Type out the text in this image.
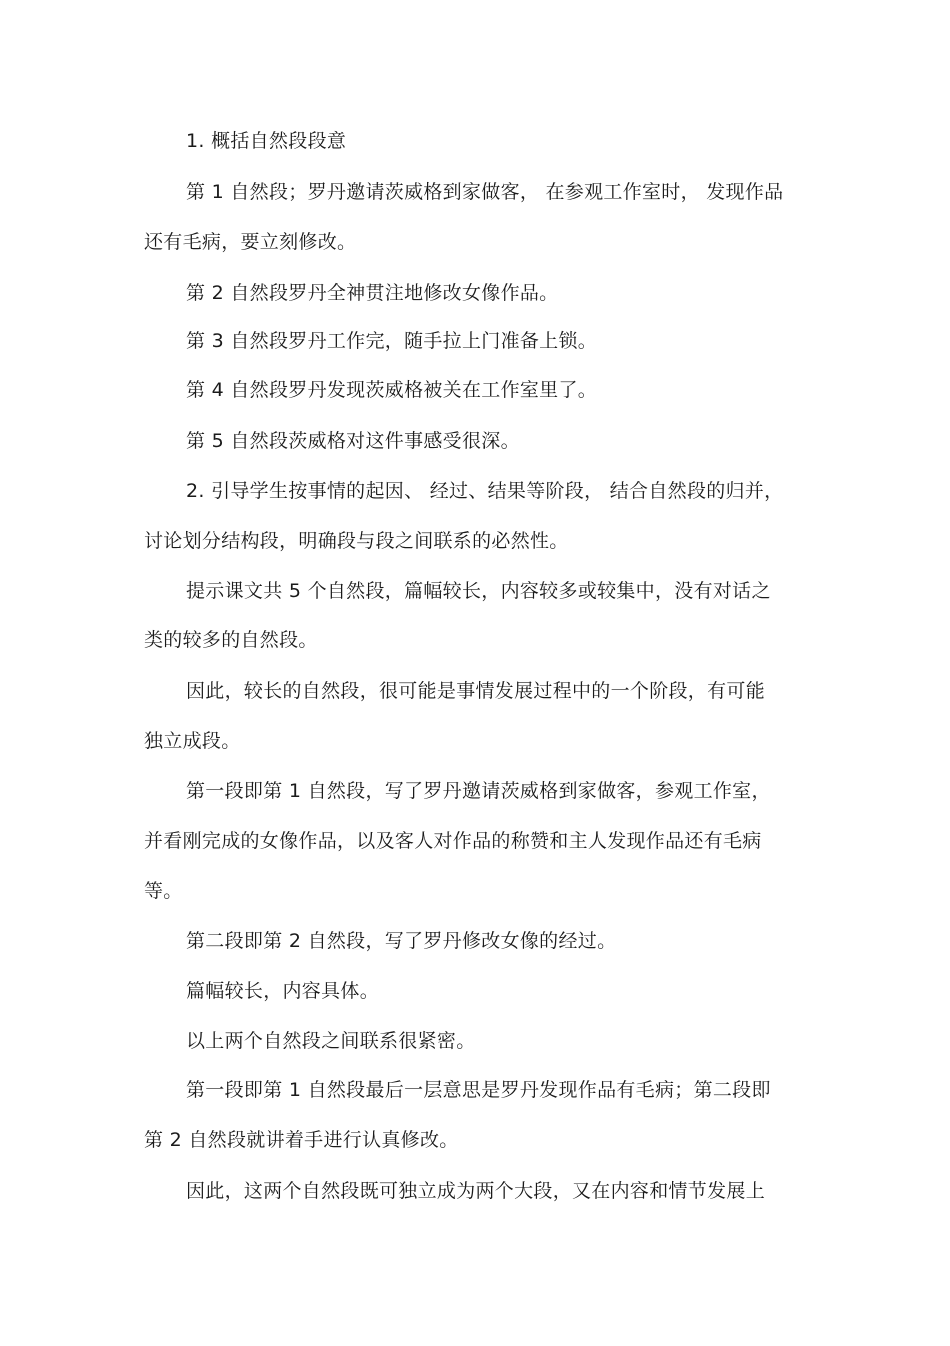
1. 概括自然段段意
第 1 自然段；罗丹邀请茨威格到家做客， 在参观工作室时， 发现作品
还有毛病，要立刻修改。
第 2 自然段罗丹全神贯注地修改女像作品。
第 3 自然段罗丹工作完，随手拉上门准备上锁。
第 4 自然段罗丹发现茨威格被关在工作室里了。
第 5 自然段茨威格对这件事感受很深。
2. 引导学生按事情的起因、 经过、结果等阶段， 结合自然段的归并，
讨论划分结构段，明确段与段之间联系的必然性。
提示课文共 5 个自然段，篇幅较长，内容较多或较集中，没有对话之
类的较多的自然段。
因此，较长的自然段，很可能是事情发展过程中的一个阶段，有可能
独立成段。
第一段即第 1 自然段，写了罗丹邀请茨威格到家做客，参观工作室，
并看刚完成的女像作品，以及客人对作品的称赞和主人发现作品还有毛病
等。
第二段即第 2 自然段，写了罗丹修改女像的经过。
篇幅较长，内容具体。
以上两个自然段之间联系很紧密。
第一段即第 1 自然段最后一层意思是罗丹发现作品有毛病；第二段即
第 2 自然段就讲着手进行认真修改。
因此，这两个自然段既可独立成为两个大段，又在内容和情节发展上
